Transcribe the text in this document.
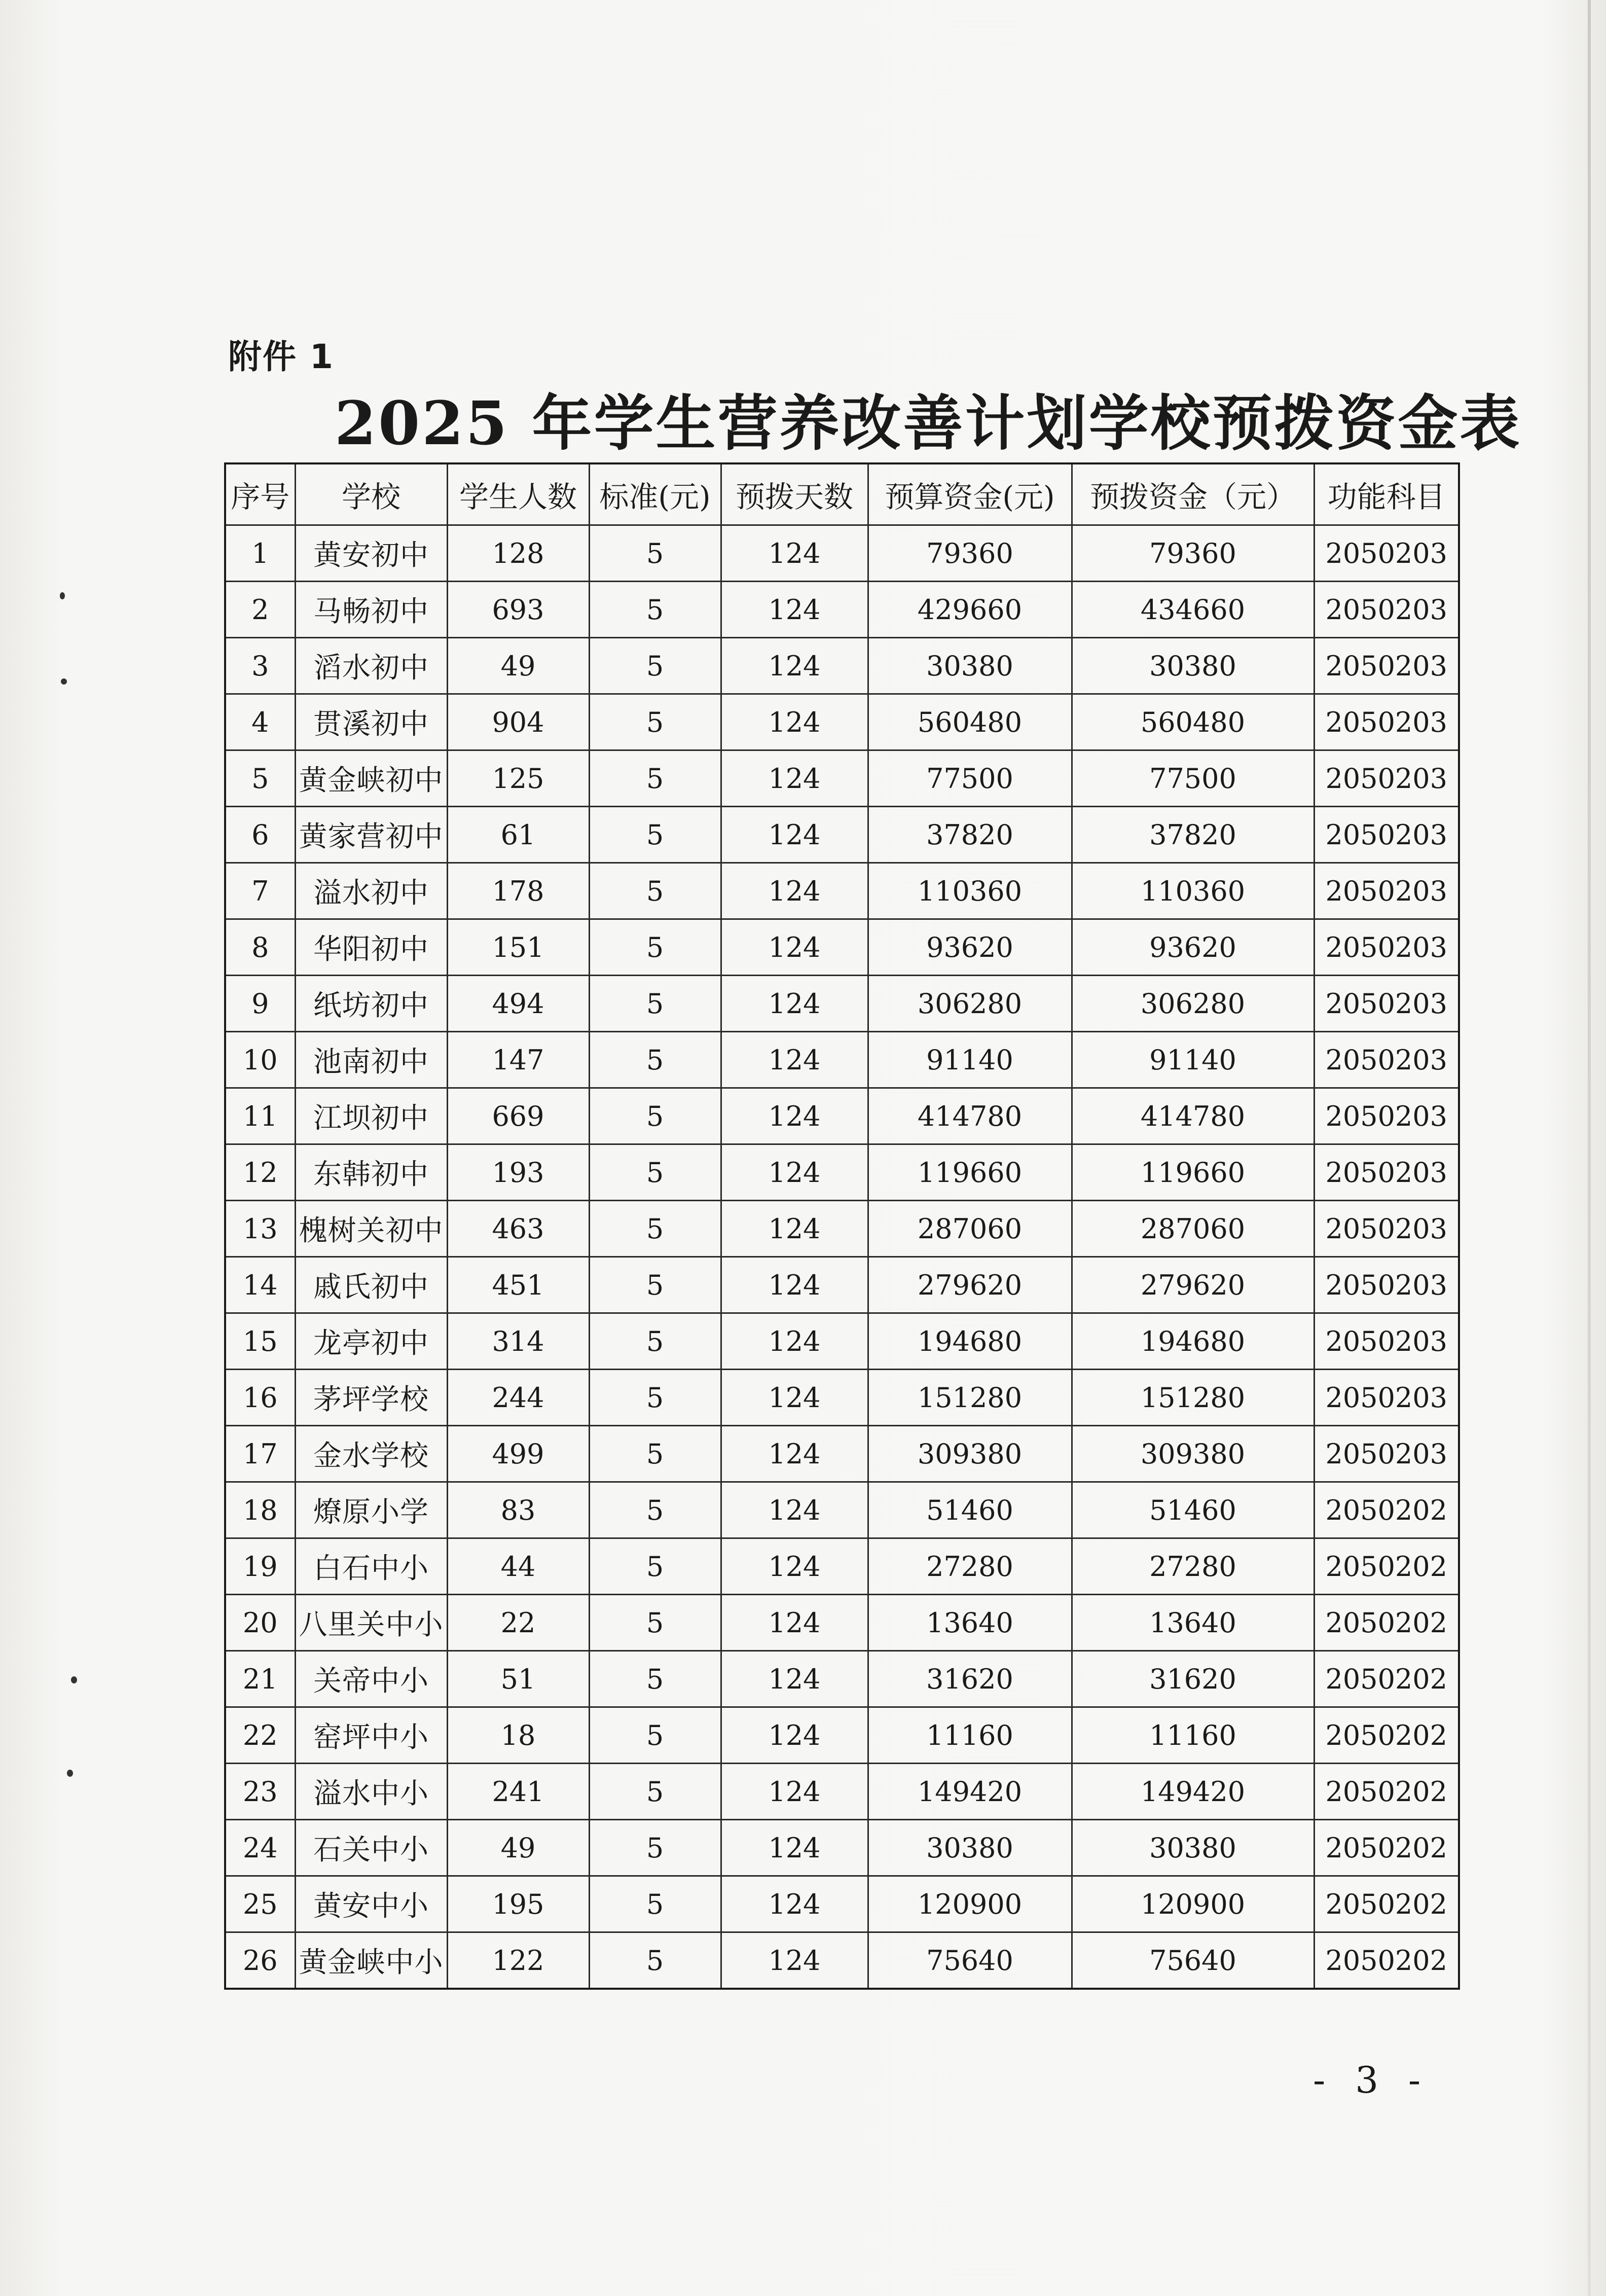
附件 1
2025 年学生营养改善计划学校预拨资金表
序号	学校	学生人数	标准(元)	预拨天数	预算资金(元)	预拨资金（元）	功能科目
1	黄安初中	128	5	124	79360	79360	2050203
2	马畅初中	693	5	124	429660	434660	2050203
3	滔水初中	49	5	124	30380	30380	2050203
4	贯溪初中	904	5	124	560480	560480	2050203
5	黄金峡初中	125	5	124	77500	77500	2050203
6	黄家营初中	61	5	124	37820	37820	2050203
7	溢水初中	178	5	124	110360	110360	2050203
8	华阳初中	151	5	124	93620	93620	2050203
9	纸坊初中	494	5	124	306280	306280	2050203
10	池南初中	147	5	124	91140	91140	2050203
11	江坝初中	669	5	124	414780	414780	2050203
12	东韩初中	193	5	124	119660	119660	2050203
13	槐树关初中	463	5	124	287060	287060	2050203
14	戚氏初中	451	5	124	279620	279620	2050203
15	龙亭初中	314	5	124	194680	194680	2050203
16	茅坪学校	244	5	124	151280	151280	2050203
17	金水学校	499	5	124	309380	309380	2050203
18	燎原小学	83	5	124	51460	51460	2050202
19	白石中小	44	5	124	27280	27280	2050202
20	八里关中小	22	5	124	13640	13640	2050202
21	关帝中小	51	5	124	31620	31620	2050202
22	窑坪中小	18	5	124	11160	11160	2050202
23	溢水中小	241	5	124	149420	149420	2050202
24	石关中小	49	5	124	30380	30380	2050202
25	黄安中小	195	5	124	120900	120900	2050202
26	黄金峡中小	122	5	124	75640	75640	2050202
- 3 -
